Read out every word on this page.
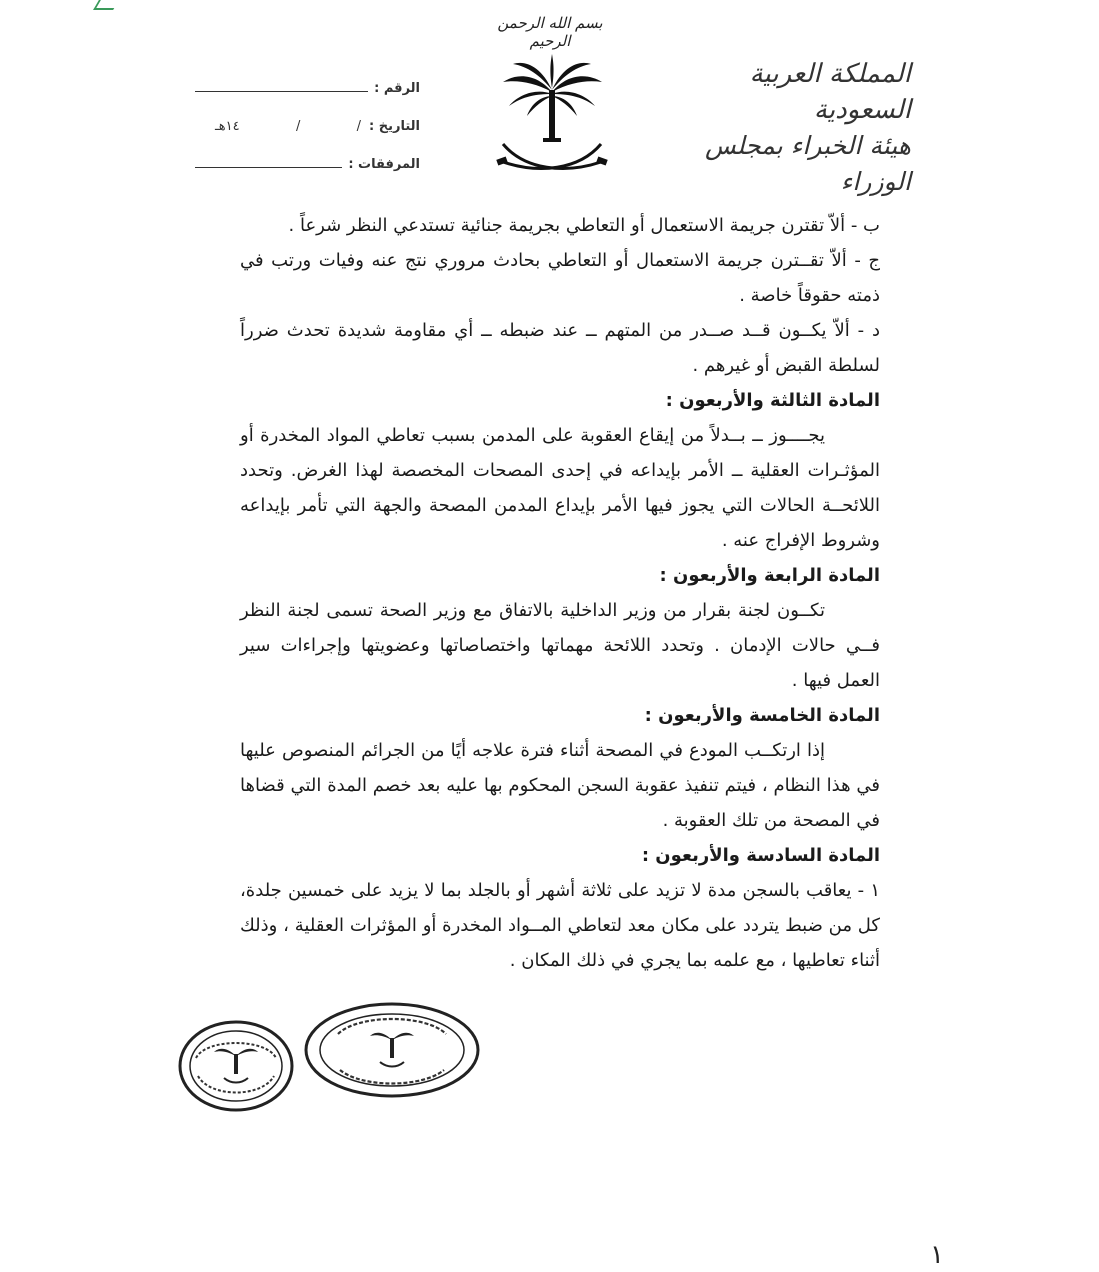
بسم الله الرحمن الرحيم
المملكة العربية السعودية
هيئة الخبراء بمجلس الوزراء
الرقم :
التاريخ :
/
/
١٤هـ
المرفقات :

ب - ألاّ تقترن جريمة الاستعمال أو التعاطي بجريمة جنائية تستدعي النظر شرعاً .

ج - ألاّ تقــترن جريمة الاستعمال أو التعاطي بحادث مروري نتج عنه وفيات ورتب في ذمته حقوقاً خاصة .

د - ألاّ يكــون قــد صــدر من المتهم ــ عند ضبطه ــ أي مقاومة شديدة تحدث ضرراً لسلطة القبض أو غيرهم .

المادة الثالثة والأربعون :

يجــــوز ــ بــدلاً من إيقاع العقوبة على المدمن بسبب تعاطي المواد المخدرة أو المؤثـرات العقلية ــ الأمر بإيداعه في إحدى المصحات المخصصة لهذا الغرض. وتحدد اللائحــة الحالات التي يجوز فيها الأمر بإيداع المدمن المصحة والجهة التي تأمر بإيداعه وشروط الإفراج عنه .

المادة الرابعة والأربعون :

تكــون لجنة بقرار من وزير الداخلية بالاتفاق مع وزير الصحة تسمى لجنة النظر فــي حالات الإدمان . وتحدد اللائحة مهماتها واختصاصاتها وعضويتها وإجراءات سير العمل فيها .

المادة الخامسة والأربعون :

إذا ارتكــب المودع في المصحة أثناء فترة علاجه أيًا من الجرائم المنصوص عليها في هذا النظام ، فيتم تنفيذ عقوبة السجن المحكوم بها عليه بعد خصم المدة التي قضاها في المصحة من تلك العقوبة .

المادة السادسة والأربعون :

١ - يعاقب بالسجن مدة لا تزيد على ثلاثة أشهر أو بالجلد بما لا يزيد على خمسين جلدة، كل من ضبط يتردد على مكان معد لتعاطي المــواد المخدرة أو المؤثرات العقلية ، وذلك أثناء تعاطيها ، مع علمه بما يجري في ذلك المكان .

١
